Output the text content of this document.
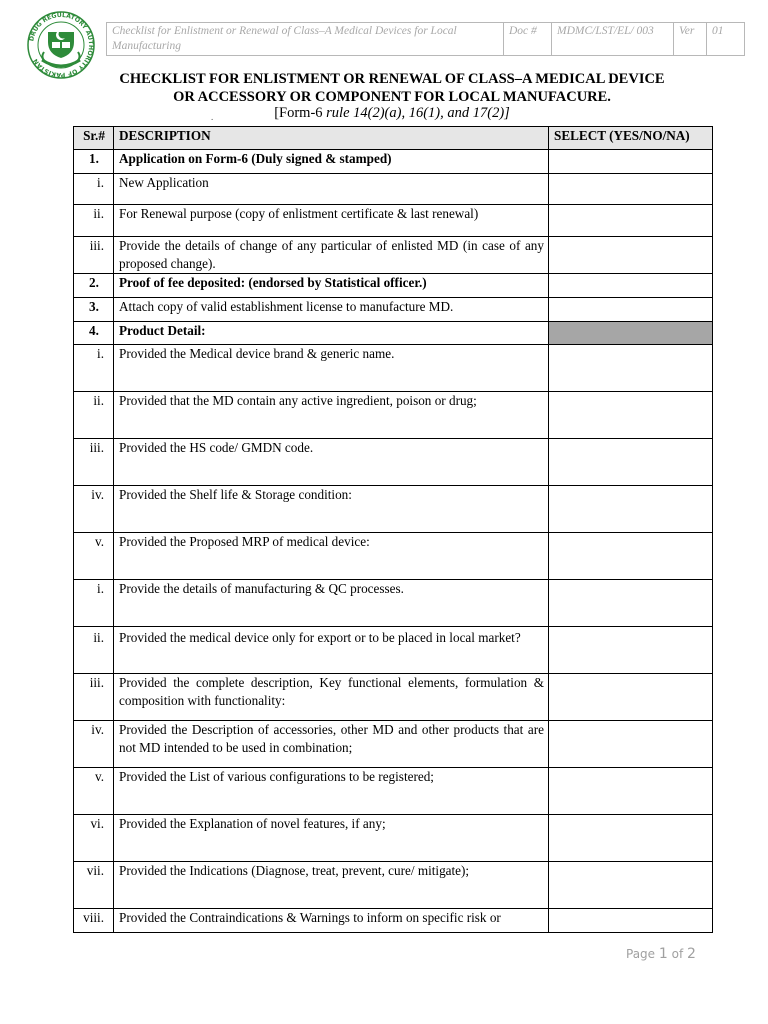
DRUG REGULATORY AUTHORITY OF PAKISTAN
Checklist for Enlistment or Renewal of Class–A Medical Devices for Local Manufacturing	Doc #	MDMC/LST/EL/ 003	Ver	01
CHECKLIST FOR ENLISTMENT OR RENEWAL OF CLASS–A MEDICAL DEVICE
OR ACCESSORY OR COMPONENT FOR LOCAL MANUFACURE.
[Form-6 rule 14(2)(a), 16(1), and 17(2)]
.
Sr.#	DESCRIPTION	SELECT (YES/NO/NA)
1.	Application on Form-6 (Duly signed & stamped)	
i.	New Application	
ii.	For Renewal purpose (copy of enlistment certificate & last renewal)	
iii.	Provide the details of change of any particular of enlisted MD (in case of any proposed change).	
2.	Proof of fee deposited: (endorsed by Statistical officer.)	
3.	Attach copy of valid establishment license to manufacture MD.	
4.	Product Detail:	
i.	Provided the Medical device brand & generic name.	
ii.	Provided that the MD contain any active ingredient, poison or drug;	
iii.	Provided the HS code/ GMDN code.	
iv.	Provided the Shelf life & Storage condition:	
v.	Provided the Proposed MRP of medical device:	
i.	Provide the details of manufacturing & QC processes.	
ii.	Provided the medical device only for export or to be placed in local market?	
iii.	Provided the complete description, Key functional elements, formulation & composition with functionality:	
iv.	Provided the Description of accessories, other MD and other products that are not MD intended to be used in combination;	
v.	Provided the List of various configurations to be registered;	
vi.	Provided the Explanation of novel features, if any;	
vii.	Provided the Indications (Diagnose, treat, prevent, cure/ mitigate);	
viii.	Provided the Contraindications & Warnings to inform on specific risk or	
Page 1 of 2
